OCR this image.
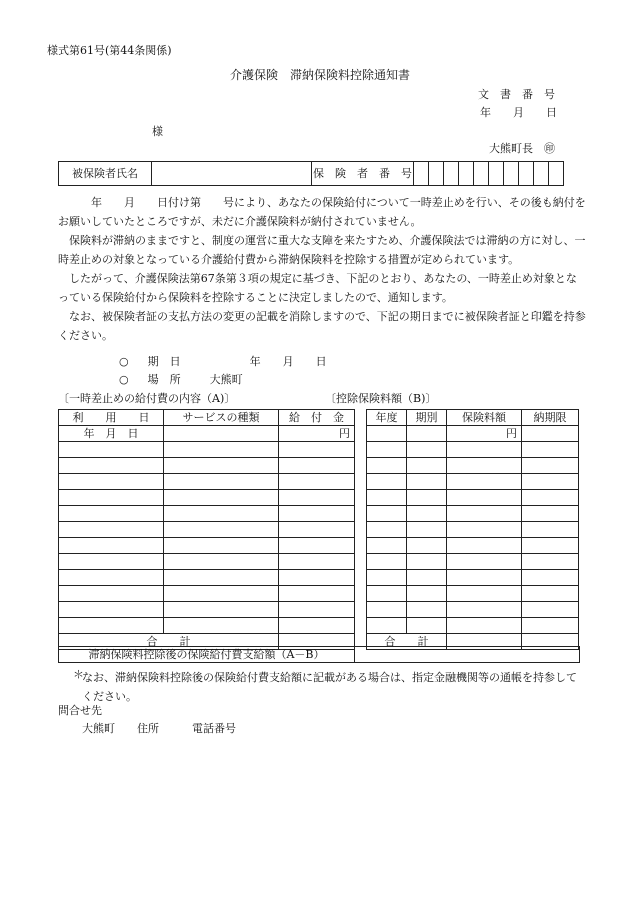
様式第61号(第44条関係)
介護保険　滞納保険料控除通知書
文　書　番　号
年　　月　　日
様
大熊町長　㊞
被保険者氏名		保　険　者　番　号										

　　年　　月　　日付け第　　号により、あなたの保険給付について一時差止めを行い、その後も納付をお願いしていたところですが、未だに介護保険料が納付されていません。

保険料が滞納のままですと、制度の運営に重大な支障を来たすため、介護保険法では滞納の方に対し、一時差止めの対象となっている介護給付費から滞納保険料を控除する措置が定められています。

したがって、介護保険法第67条第３項の規定に基づき、下記のとおり、あなたの、一時差止め対象となっている保険給付から保険料を控除することに決定しましたので、通知します。

なお、被保険者証の支払方法の変更の記載を消除しますので、下記の期日までに被保険者証と印鑑を持参ください。

○ 期　日	年　　月　　日
○ 場　所	大熊町
〔一時差止めの給付費の内容（A)〕	〔控除保険料額（B)〕
利　　用　　日	サービスの種類	給　付　金
年　月　日		円

合　　計		
年度	期別	保険料額	納期限
		円	

合　　計			
滞納保険料控除後の保険給付費支給額（A－B）	
＊
なお、滞納保険料控除後の保険給付費支給額に記載がある場合は、指定金融機関等の通帳を持参してください。
問合せ先
大熊町　　住所　　　電話番号
